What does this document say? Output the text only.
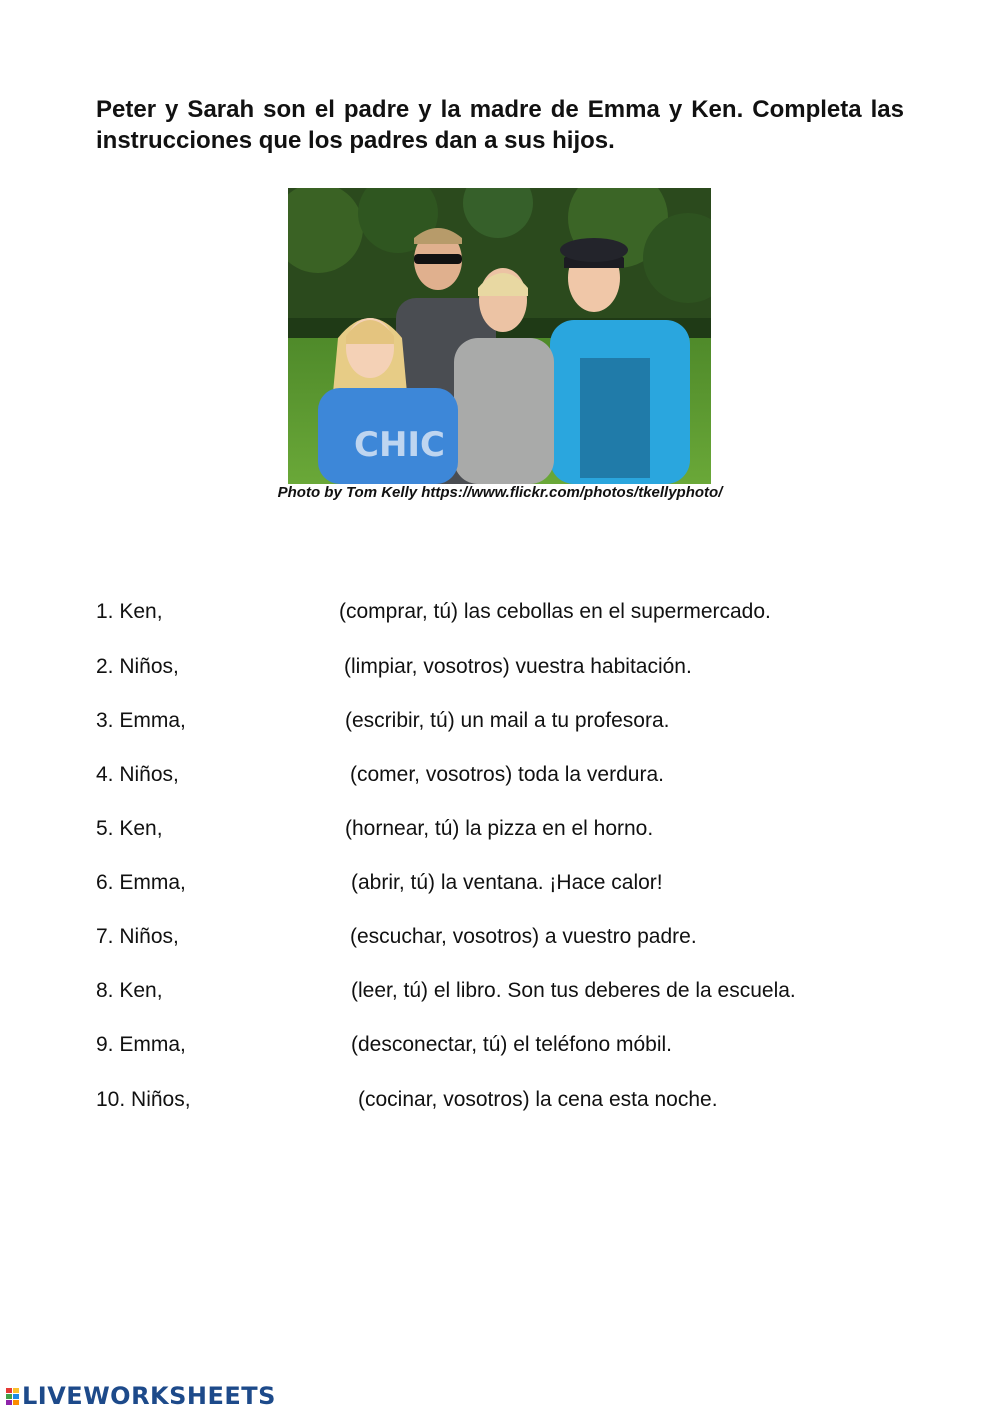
Peter y Sarah son el padre y la madre de Emma y Ken. Completa las instrucciones que los padres dan a sus hijos.
CHIC
Photo by Tom Kelly https://www.flickr.com/photos/tkellyphoto/
1. Ken,	(comprar, tú) las cebollas en el supermercado.
2. Niños,	(limpiar, vosotros) vuestra habitación.
3. Emma,	(escribir, tú) un mail a tu profesora.
4. Niños,	(comer, vosotros) toda la verdura.
5. Ken,	(hornear, tú) la pizza en el horno.
6. Emma,	(abrir, tú) la ventana. ¡Hace calor!
7. Niños,	(escuchar, vosotros) a vuestro padre.
8. Ken,	(leer, tú) el libro. Son tus deberes de la escuela.
9. Emma,	(desconectar, tú) el teléfono móbil.
10. Niños,	(cocinar, vosotros) la cena esta noche.
LIVEWORKSHEETS
